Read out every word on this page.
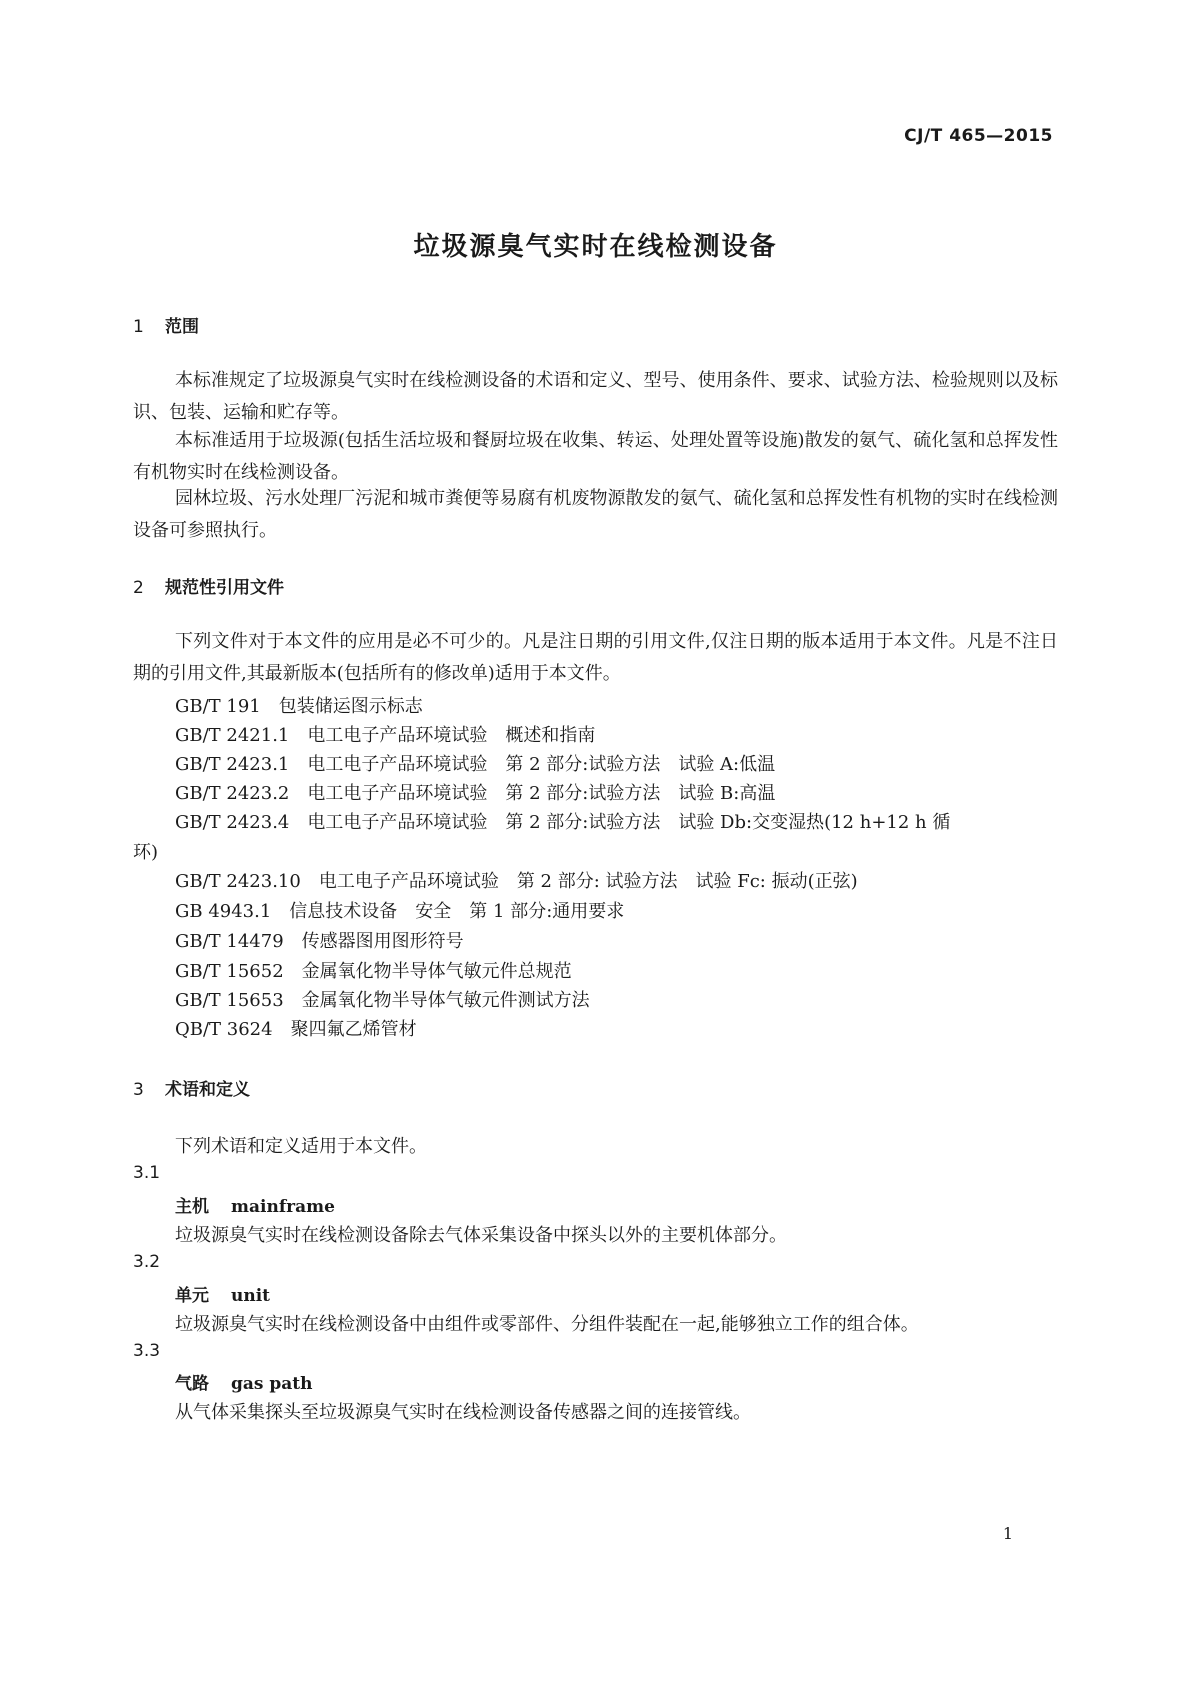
CJ/T 465—2015
垃圾源臭气实时在线检测设备
1 范围
本标准规定了垃圾源臭气实时在线检测设备的术语和定义、型号、使用条件、要求、试验方法、检验规则以及标识、包装、运输和贮存等。
本标准适用于垃圾源(包括生活垃圾和餐厨垃圾在收集、转运、处理处置等设施)散发的氨气、硫化氢和总挥发性有机物实时在线检测设备。
园林垃圾、污水处理厂污泥和城市粪便等易腐有机废物源散发的氨气、硫化氢和总挥发性有机物的实时在线检测设备可参照执行。
2 规范性引用文件
下列文件对于本文件的应用是必不可少的。凡是注日期的引用文件,仅注日期的版本适用于本文件。凡是不注日期的引用文件,其最新版本(包括所有的修改单)适用于本文件。
GB/T 191　包装储运图示标志
GB/T 2421.1　电工电子产品环境试验　概述和指南
GB/T 2423.1　电工电子产品环境试验　第 2 部分:试验方法　试验 A:低温
GB/T 2423.2　电工电子产品环境试验　第 2 部分:试验方法　试验 B:高温
GB/T 2423.4　电工电子产品环境试验　第 2 部分:试验方法　试验 Db:交变湿热(12 h+12 h 循
环)
GB/T 2423.10　电工电子产品环境试验　第 2 部分: 试验方法　试验 Fc: 振动(正弦)
GB 4943.1　信息技术设备　安全　第 1 部分:通用要求
GB/T 14479　传感器图用图形符号
GB/T 15652　金属氧化物半导体气敏元件总规范
GB/T 15653　金属氧化物半导体气敏元件测试方法
QB/T 3624　聚四氟乙烯管材
3 术语和定义
下列术语和定义适用于本文件。
3.1
主机 mainframe
垃圾源臭气实时在线检测设备除去气体采集设备中探头以外的主要机体部分。
3.2
单元 unit
垃圾源臭气实时在线检测设备中由组件或零部件、分组件装配在一起,能够独立工作的组合体。
3.3
气路 gas path
从气体采集探头至垃圾源臭气实时在线检测设备传感器之间的连接管线。
1
